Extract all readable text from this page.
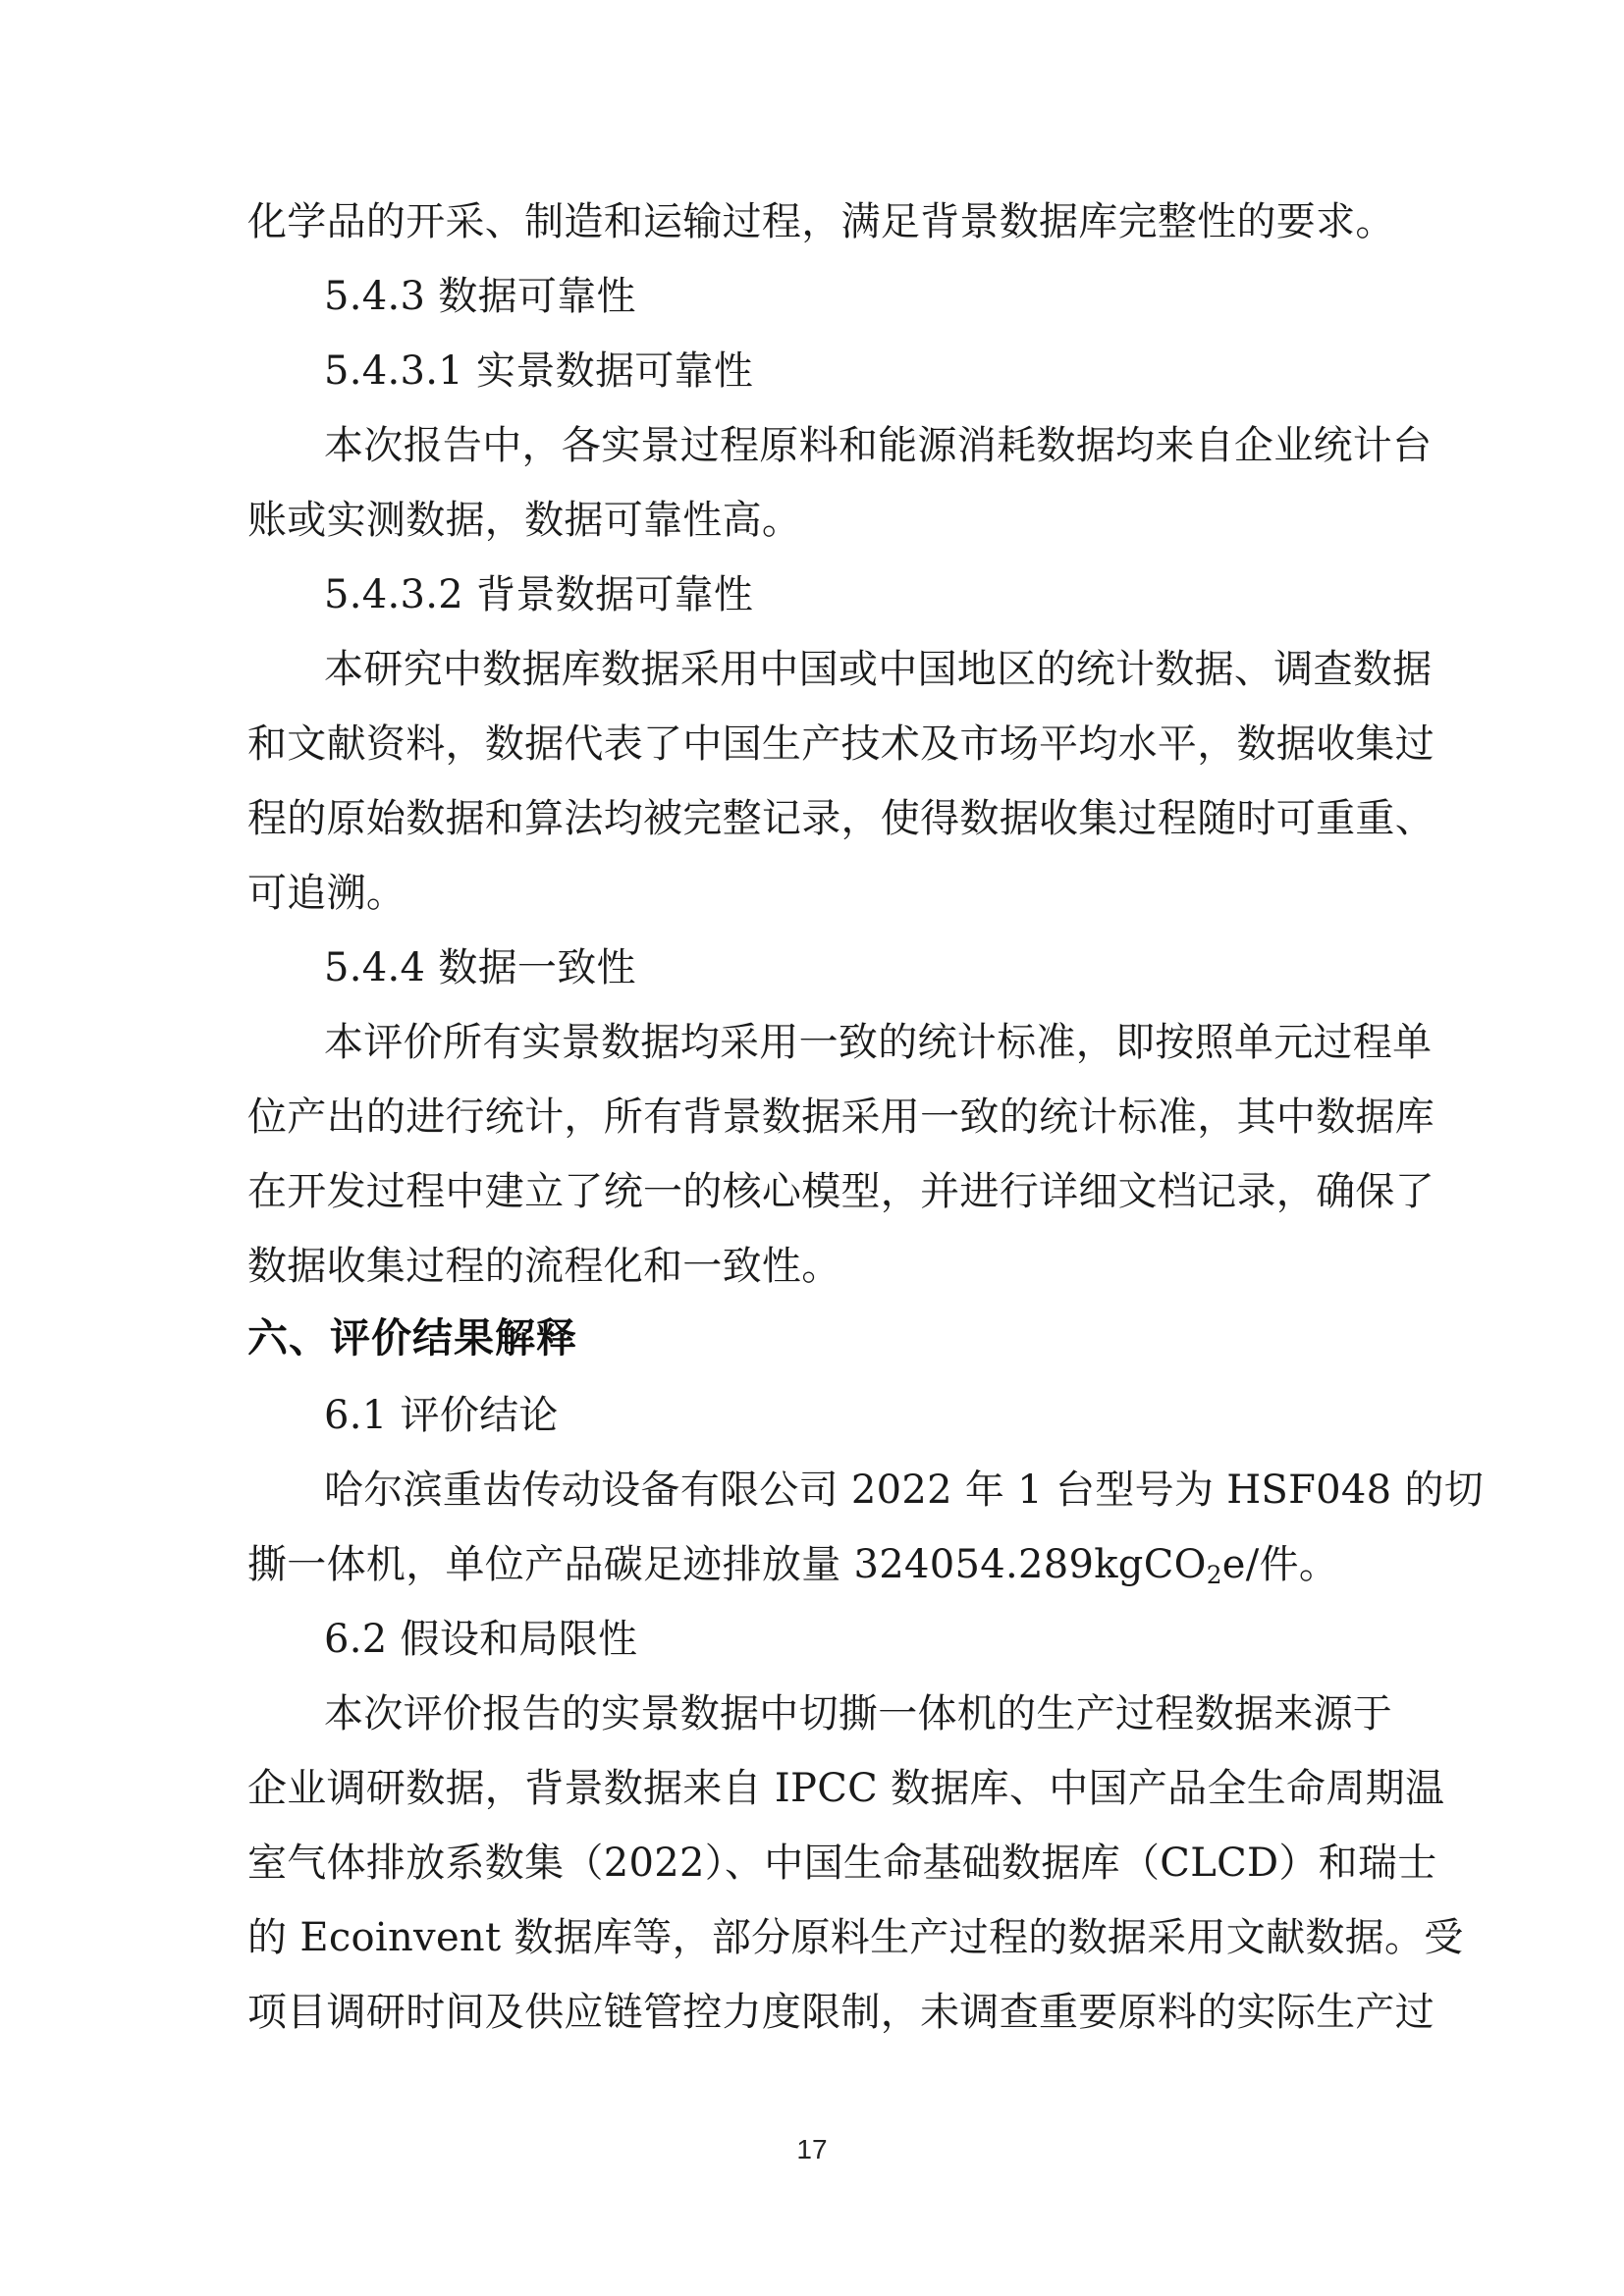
化学品的开采、制造和运输过程，满足背景数据库完整性的要求。
5.4.3 数据可靠性
5.4.3.1 实景数据可靠性
本次报告中，各实景过程原料和能源消耗数据均来自企业统计台
账或实测数据，数据可靠性高。
5.4.3.2 背景数据可靠性
本研究中数据库数据采用中国或中国地区的统计数据、调查数据
和文献资料，数据代表了中国生产技术及市场平均水平，数据收集过
程的原始数据和算法均被完整记录，使得数据收集过程随时可重重、
可追溯。
5.4.4 数据一致性
本评价所有实景数据均采用一致的统计标准，即按照单元过程单
位产出的进行统计，所有背景数据采用一致的统计标准，其中数据库
在开发过程中建立了统一的核心模型，并进行详细文档记录，确保了
数据收集过程的流程化和一致性。
六、评价结果解释
6.1 评价结论
哈尔滨重齿传动设备有限公司 2022 年 1 台型号为 HSF048 的切
撕一体机，单位产品碳足迹排放量 324054.289kgCO$_2$e/件。
6.2 假设和局限性
本次评价报告的实景数据中切撕一体机的生产过程数据来源于
企业调研数据，背景数据来自 IPCC 数据库、中国产品全生命周期温
室气体排放系数集（2022）、中国生命基础数据库（CLCD）和瑞士
的 Ecoinvent 数据库等，部分原料生产过程的数据采用文献数据。受
项目调研时间及供应链管控力度限制，未调查重要原料的实际生产过
17
